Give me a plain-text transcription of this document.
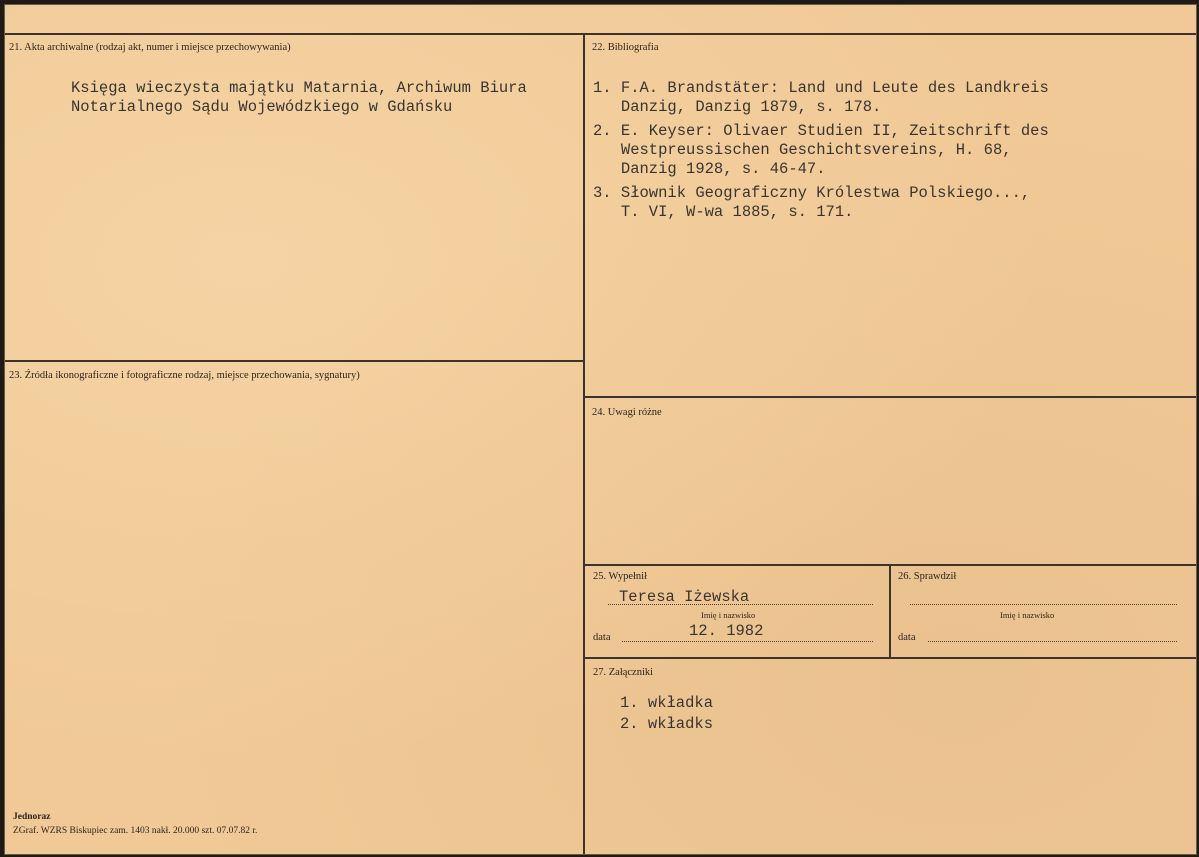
21. Akta archiwalne (rodzaj akt, numer i miejsce przechowywania)
Księga wieczysta majątku Matarnia, Archiwum Biura
Notarialnego Sądu Wojewódzkiego w Gdańsku
22. Bibliografia
1. F.A. Brandstäter: Land und Leute des Landkreis
Danzig, Danzig 1879, s. 178.
2. E. Keyser: Olivaer Studien II, Zeitschrift des
Westpreussischen Geschichtsvereins, H. 68,
Danzig 1928, s. 46-47.
3. Słownik Geograficzny Królestwa Polskiego...,
T. VI, W-wa 1885, s. 171.
23. Źródła ikonograficzne i fotograficzne rodzaj, miejsce przechowania, sygnatury)
24. Uwagi różne
25. Wypełnił
Teresa Iżewska
Imię i nazwisko
data	12. 1982
26. Sprawdził
Imię i nazwisko
data
27. Załączniki
1. wkładka
2. wkładks
Jednoraz
ZGraf. WZRS Biskupiec zam. 1403 nakł. 20.000 szt. 07.07.82 r.
